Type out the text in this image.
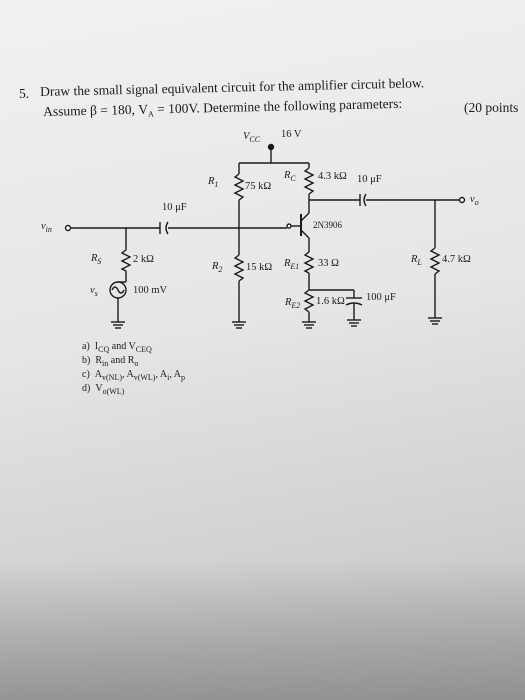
5. Draw the small signal equivalent circuit for the amplifier circuit below.
Assume β = 180, $V_A = 100V$. Determine the following parameters:	(20 points
$V_{CC}$ 16 V
$R_1$	75 kΩ
$R_C$ 4.3 kΩ 10 μF
10 μF
2N3906
$v_{in}$
$v_o$
$R_S$	2 kΩ
$R_2$ 15 kΩ $R_{E1}$ 33 Ω
$R_{E2}$ 1.6 kΩ 100 μF
$R_L$ 4.7 kΩ
$v_s$	100 mV
a) $I_{CQ}$ and $V_{CEQ}$
b) $R_{in}$ and $R_o$
c) $A_{v(NL)}$, $A_{v(WL)}$, $A_i$, $A_p$
d) $V_{o(WL)}$
